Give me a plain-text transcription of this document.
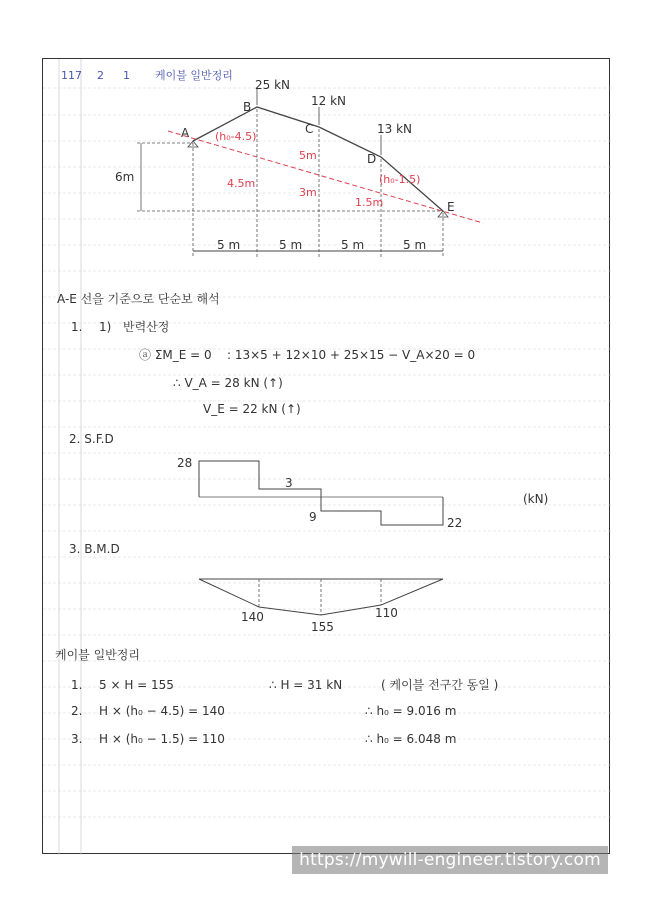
117 2 1 케이블 일반정리
A
B
C
D
E
25 kN
12 kN
13 kN
6m
(h₀-4.5)
(h₀-1.5)
4.5m
3m
1.5m
5m
5 m	5 m	5 m	5 m
A-E 선을 기준으로 단순보 해석
1. 1) 반력산정
ⓐ ΣM_E = 0 : 13×5 + 12×10 + 25×15 − V_A×20 = 0
∴ V_A = 28 kN (↑)
V_E = 22 kN (↑)
2. S.F.D
28
3
9	22
(kN)
3. B.M.D
140
155
110
케이블 일반정리
1. 5 × H = 155	∴ H = 31 kN	( 케이블 전구간 동일 )
2. H × (h₀ − 4.5) = 140	∴ h₀ = 9.016 m
3. H × (h₀ − 1.5) = 110	∴ h₀ = 6.048 m
https://mywill-engineer.tistory.com
